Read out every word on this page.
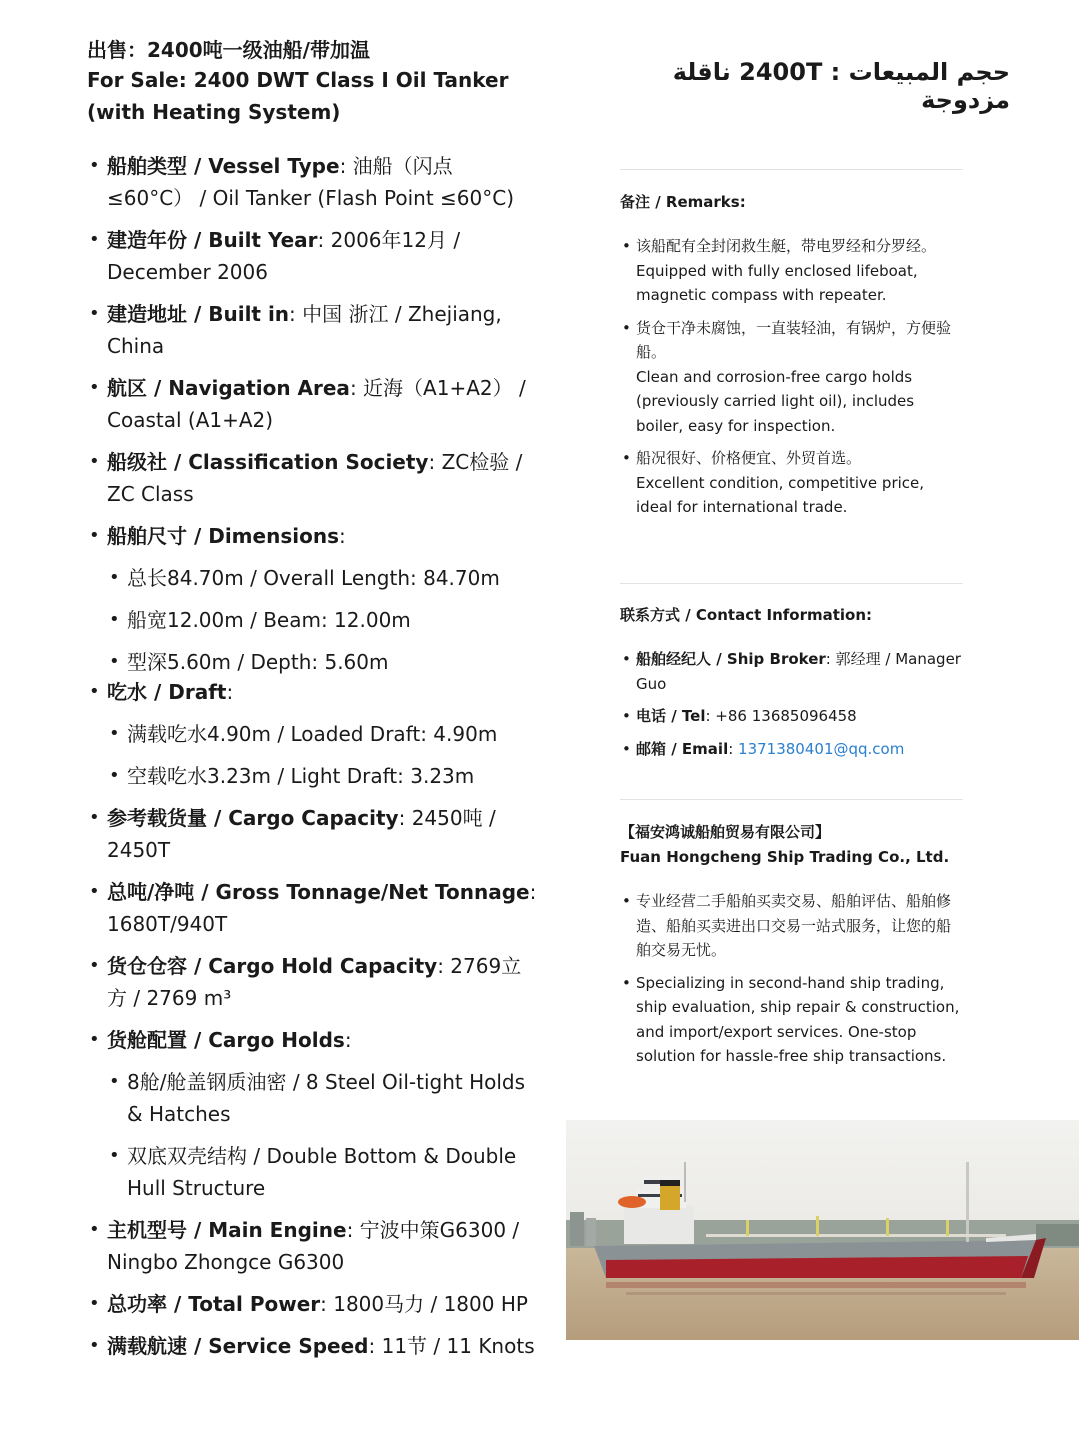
出售：2400吨一级油船/带加温
For Sale: 2400 DWT Class I Oil Tanker (with Heating System)
• 船舶类型 / Vessel Type: 油船（闪点≤60°C） / Oil Tanker (Flash Point ≤60°C)
• 建造年份 / Built Year: 2006年12月 / December 2006
• 建造地址 / Built in: 中国 浙江 / Zhejiang, China
• 航区 / Navigation Area: 近海（A1+A2） / Coastal (A1+A2)
• 船级社 / Classification Society: ZC检验 / ZC Class
• 船舶尺寸 / Dimensions:
• 总长84.70m / Overall Length: 84.70m
• 船宽12.00m / Beam: 12.00m
• 型深5.60m / Depth: 5.60m
• 吃水 / Draft:
• 满载吃水4.90m / Loaded Draft: 4.90m
• 空载吃水3.23m / Light Draft: 3.23m
• 参考载货量 / Cargo Capacity: 2450吨 / 2450T
• 总吨/净吨 / Gross Tonnage/Net Tonnage: 1680T/940T
• 货仓仓容 / Cargo Hold Capacity: 2769立方 / 2769 m³
• 货舱配置 / Cargo Holds:
• 8舱/舱盖钢质油密 / 8 Steel Oil-tight Holds & Hatches
• 双底双壳结构 / Double Bottom & Double Hull Structure
• 主机型号 / Main Engine: 宁波中策G6300 / Ningbo Zhongce G6300
• 总功率 / Total Power: 1800马力 / 1800 HP
• 满载航速 / Service Speed: 11节 / 11 Knots
حجم المبيعات : 2400T ناقلة مزدوجة
备注 / Remarks:
• 该船配有全封闭救生艇，带电罗经和分罗经。
Equipped with fully enclosed lifeboat, magnetic compass with repeater.
• 货仓干净未腐蚀，一直装轻油，有锅炉，方便验船。
Clean and corrosion-free cargo holds (previously carried light oil), includes boiler, easy for inspection.
• 船况很好、价格便宜、外贸首选。
Excellent condition, competitive price, ideal for international trade.
联系方式 / Contact Information:
• 船舶经纪人 / Ship Broker: 郭经理 / Manager Guo
• 电话 / Tel: +86 13685096458
• 邮箱 / Email: 1371380401@qq.com
【福安鸿诚船舶贸易有限公司】
Fuan Hongcheng Ship Trading Co., Ltd.
• 专业经营二手船舶买卖交易、船舶评估、船舶修造、船舶买卖进出口交易一站式服务，让您的船舶交易无忧。
• Specializing in second-hand ship trading, ship evaluation, ship repair & construction, and import/export services. One-stop solution for hassle-free ship transactions.
